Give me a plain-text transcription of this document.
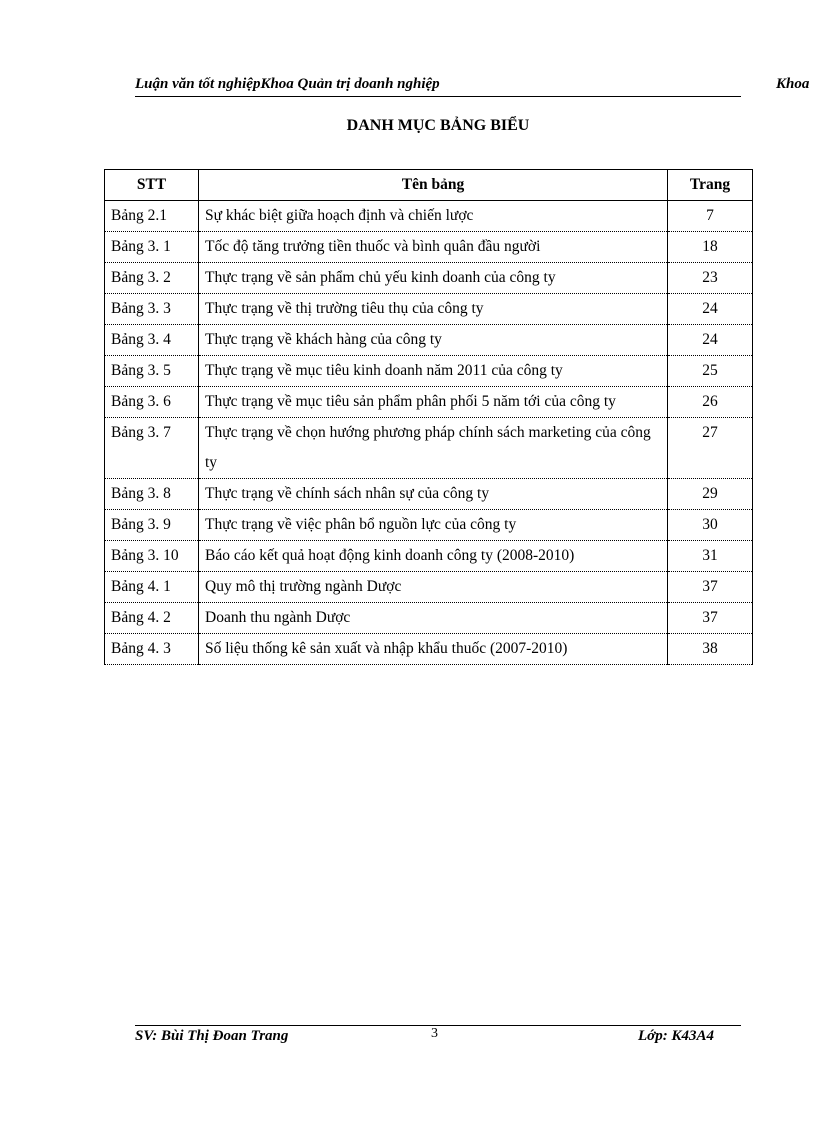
Luận văn tốt nghiệpKhoa Quản trị doanh nghiệp	Khoa
DANH MỤC BẢNG BIỂU
STT	Tên bảng	Trang
Bảng 2.1	Sự khác biệt giữa hoạch định và chiến lược	7
Bảng 3. 1	Tốc độ tăng trưởng tiền thuốc và bình quân đầu người	18
Bảng 3. 2	Thực trạng về sản phẩm chủ yếu kinh doanh của công ty	23
Bảng 3. 3	Thực trạng về thị trường tiêu thụ của công ty	24
Bảng 3. 4	Thực trạng về khách hàng của công ty	24
Bảng 3. 5	Thực trạng về mục tiêu kinh doanh năm 2011 của công ty	25
Bảng 3. 6	Thực trạng về mục tiêu sản phẩm phân phối 5 năm tới của công ty	26
Bảng 3. 7	Thực trạng về chọn hướng phương pháp chính sách marketing của công ty	27
Bảng 3. 8	Thực trạng về chính sách nhân sự của công ty	29
Bảng 3. 9	Thực trạng về việc phân bổ nguồn lực của công ty	30
Bảng 3. 10	Báo cáo kết quả hoạt động kinh doanh công ty (2008-2010)	31
Bảng 4. 1	Quy mô thị trường ngành Dược	37
Bảng 4. 2	Doanh thu ngành Dược	37
Bảng 4. 3	Số liệu thống kê sản xuất và nhập khẩu thuốc (2007-2010)	38
SV: Bùi Thị Đoan Trang	3	Lớp: K43A4
